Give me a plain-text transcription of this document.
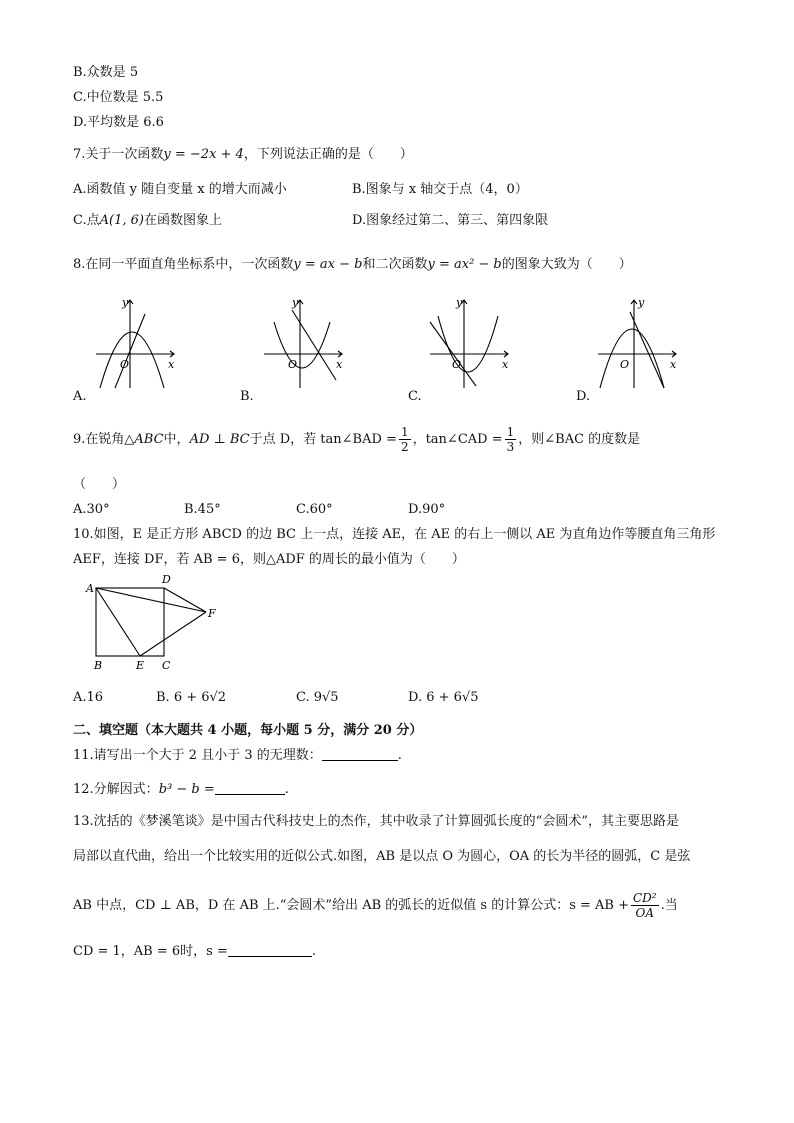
B.众数是 5
C.中位数是 5.5
D.平均数是 6.6
7.关于一次函数y = −2x + 4，下列说法正确的是（　　）
A.函数值 y 随自变量 x 的增大而减小	B.图象与 x 轴交于点（4，0）
C.点A(1, 6)在函数图象上	D.图象经过第二、第三、第四象限
8.在同一平面直角坐标系中，一次函数y = ax − b和二次函数y = ax² − b的图象大致为（　　）
y
x
O
A.
y
x
O
B.
y
x
O
C.
y
x
O
D.
9.在锐角△ABC中，AD ⊥ BC于点 D，若 tan∠BAD = $\frac{1}{2}$ ，tan∠CAD = $\frac{1}{3}$ ，则∠BAC 的度数是
（　　）
A.30°	B.45°	C.60°	D.90°
10.如图，E 是正方形 ABCD 的边 BC 上一点，连接 AE，在 AE 的右上一侧以 AE 为直角边作等腰直角三角形
AEF，连接 DF，若 AB = 6，则△ADF 的周长的最小值为（　　）
A
D
F
B	E C
A.16	B. 6 + 6√2	C. 9√5	D. 6 + 6√5
二、填空题（本大题共 4 小题，每小题 5 分，满分 20 分）
11.请写出一个大于 2 且小于 3 的无理数：	.
12.分解因式：b³ − b =	.
13.沈括的《梦溪笔谈》是中国古代科技史上的杰作，其中收录了计算圆弧长度的“会圆术”，其主要思路是
局部以直代曲，给出一个比较实用的近似公式.如图，AB 是以点 O 为圆心，OA 的长为半径的圆弧，C 是弦
AB 中点，CD ⊥ AB，D 在 AB 上.“会圆术”给出 AB 的弧长的近似值 s 的计算公式：s = AB + $\frac{\text{CD²}}{OA}$ .当
CD = 1，AB = 6时，s =	.
